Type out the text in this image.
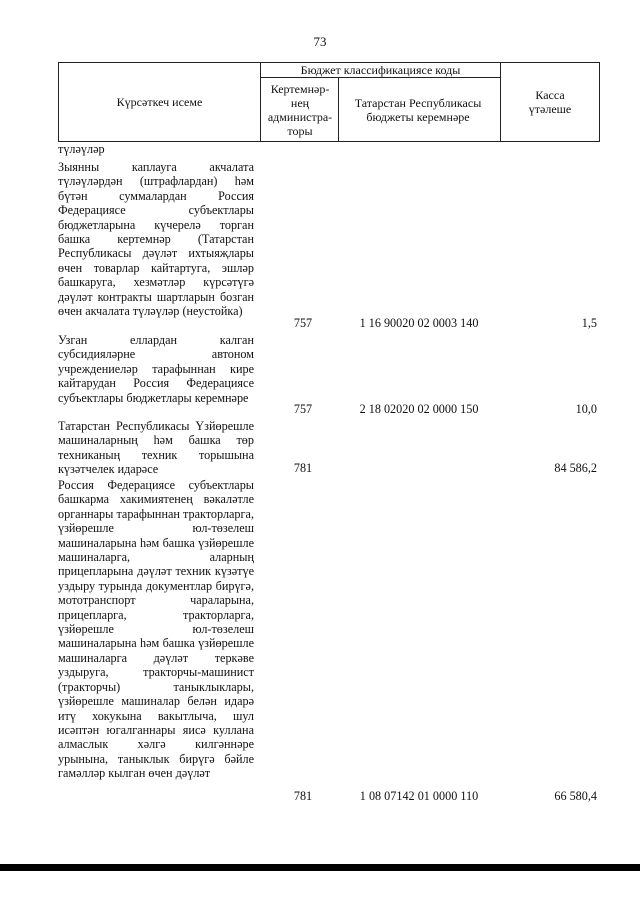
73
Күрсәткеч исеме
Бюджет классификациясе коды
Кертемнәр-нең администра-торы
Татарстан Республикасы бюджеты керемнәре
Касса үтәлеше
түләүләр
Зыянны каплауга акчалата түләүләрдән (штрафлардан) һәм бүтән суммалардан Россия Федерациясе субъектлары бюджетларына күчерелә торган башка кертемнәр (Татарстан Республикасы дәүләт ихтыяҗлары өчен товарлар кайтартуга, эшләр башкаруга, хезмәтләр күрсәтүгә дәүләт контракты шартларын бозган өчен акчалата түләүләр (неустойка)
757	1 16 90020 02 0003 140	1,5
Узган еллардан калган субсидияләрне автоном учреждениеләр тарафыннан кире кайтарудан Россия Федерациясе субъектлары бюджетлары керемнәре
757	2 18 02020 02 0000 150	10,0
Татарстан Республикасы Үзйөрешле машиналарның һәм башка төр техниканың техник торышына күзәтчелек идарәсе	781	84 586,2
Россия Федерациясе субъектлары башкарма хакимиятенең вәкаләтле органнары тарафыннан тракторларга, үзйөрешле юл-төзелеш машиналарына һәм башка үзйөрешле машиналарга, аларның прицепларына дәүләт техник күзәтүе уздыру турында документлар бирүгә, мототранспорт чараларына, прицепларга, тракторларга, үзйөрешле юл-төзелеш машиналарына һәм башка үзйөрешле машиналарга дәүләт теркәве уздыруга, тракторчы-машинист (тракторчы) таныклыклары, үзйөрешле машиналар белән идарә итү хокукына вакытлыча, шул исәптән югалганнары яисә куллана алмаслык хәлгә килгәннәре урынына, таныклык бирүгә бәйле гамәлләр кылган өчен дәүләт
781	1 08 07142 01 0000 110	66 580,4
